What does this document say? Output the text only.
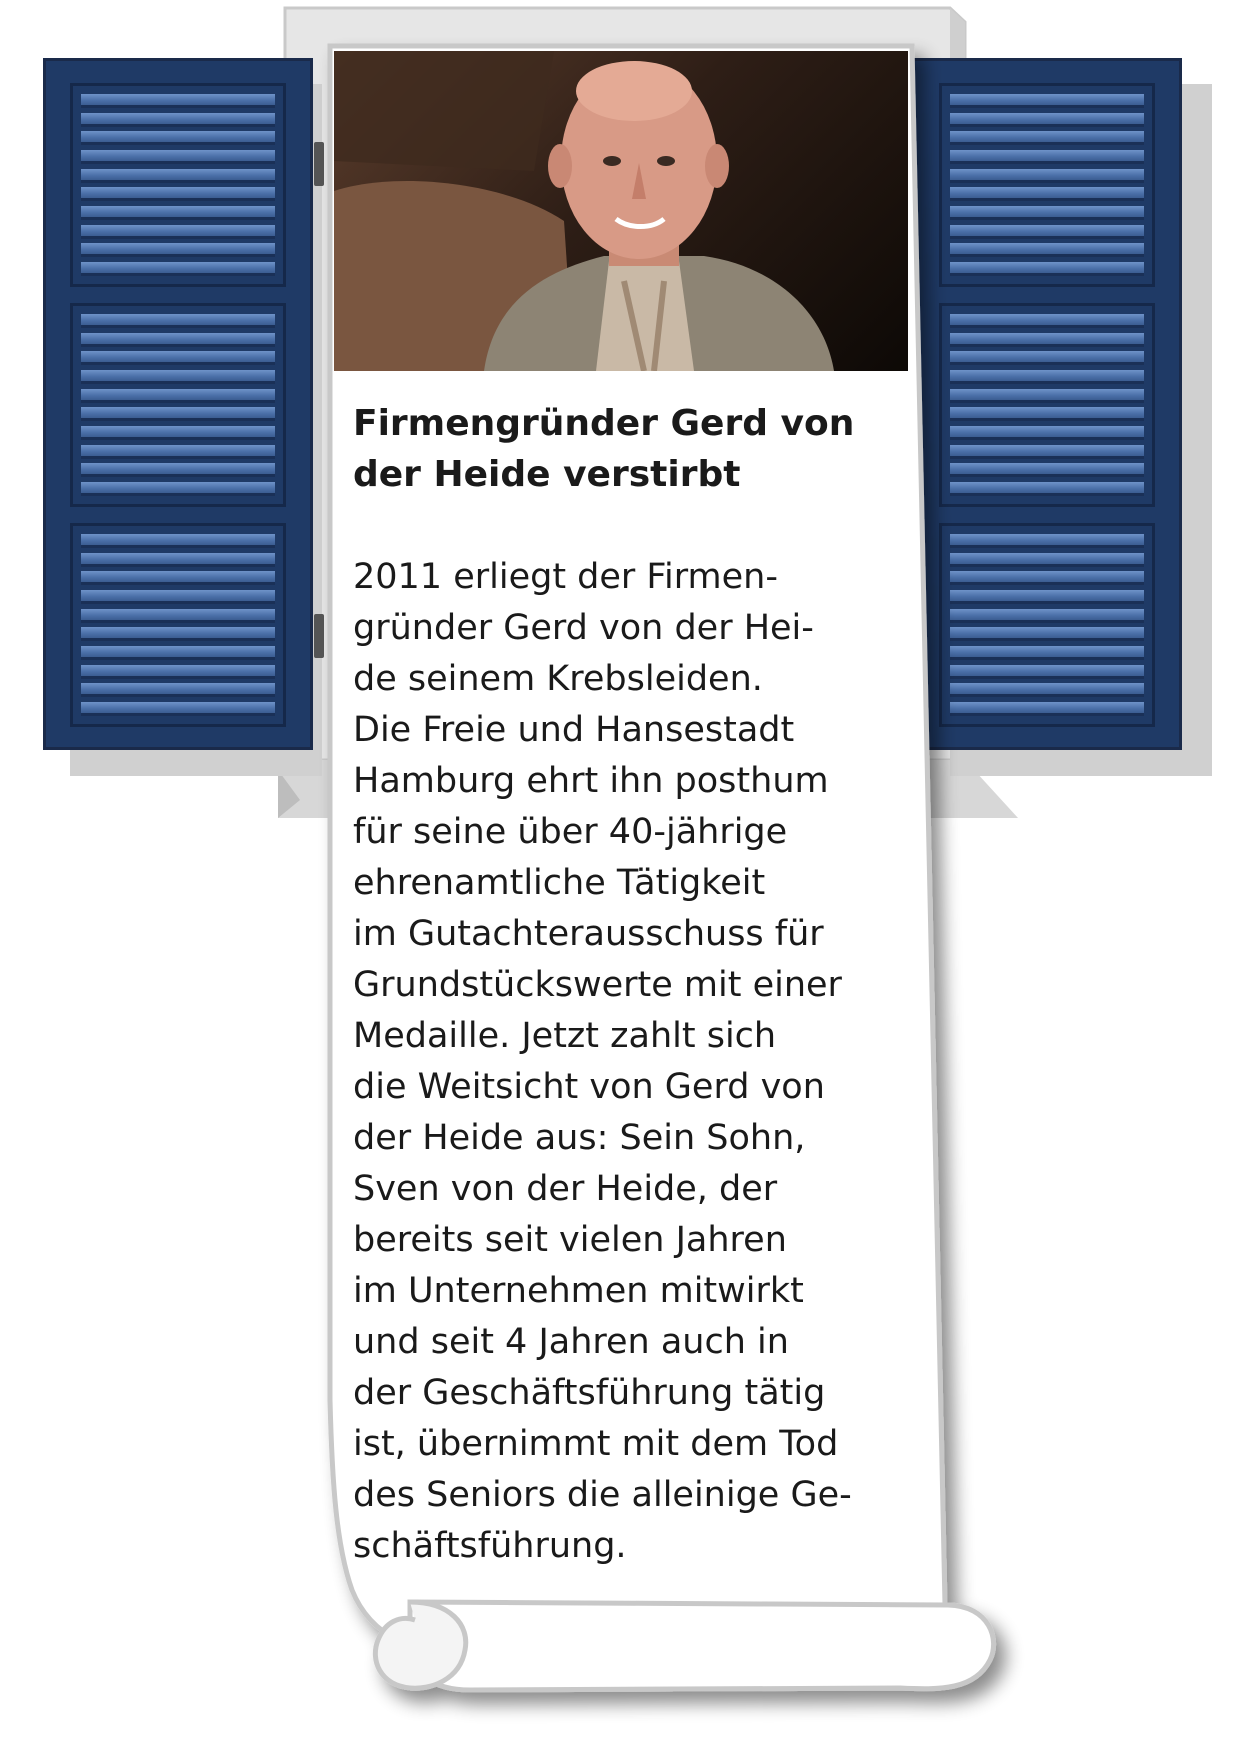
Firmengründer Gerd von
der Heide verstirbt
2011 erliegt der Firmen-
gründer Gerd von der Hei-
de seinem Krebsleiden.
Die Freie und Hansestadt
Hamburg ehrt ihn posthum
für seine über 40-jährige
ehrenamtliche Tätigkeit
im Gutachterausschuss für
Grundstückswerte mit einer
Medaille. Jetzt zahlt sich
die Weitsicht von Gerd von
der Heide aus: Sein Sohn,
Sven von der Heide, der
bereits seit vielen Jahren
im Unternehmen mitwirkt
und seit 4 Jahren auch in
der Geschäftsführung tätig
ist, übernimmt mit dem Tod
des Seniors die alleinige Ge-
schäftsführung.
